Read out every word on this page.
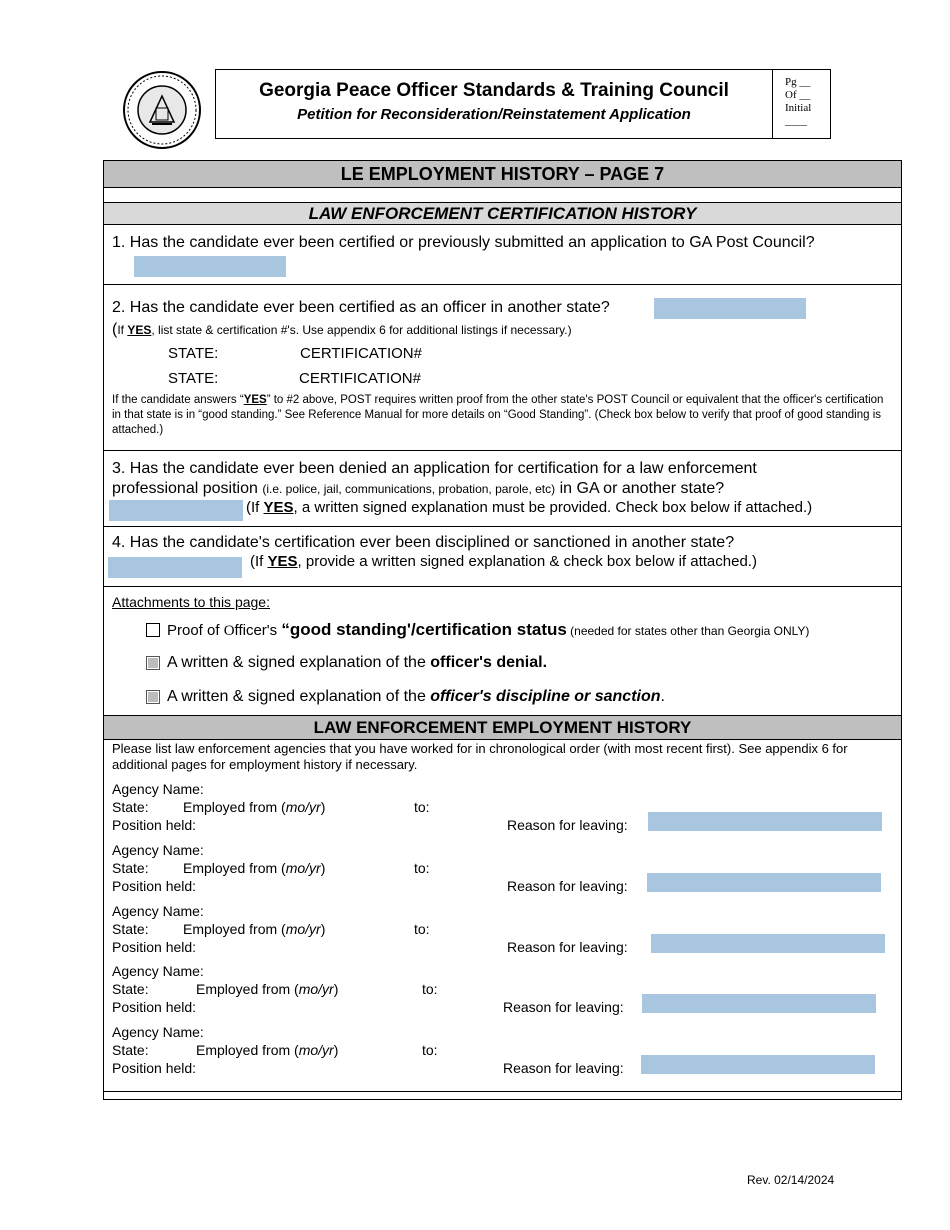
Georgia Peace Officer Standards & Training Council
Petition for Reconsideration/Reinstatement Application
Pg __
Of __
Initial
____
LE EMPLOYMENT HISTORY – PAGE 7
LAW ENFORCEMENT CERTIFICATION HISTORY
1. Has the candidate ever been certified or previously submitted an application to GA Post Council?
2. Has the candidate ever been certified as an officer in another state?
(If YES, list state & certification #'s. Use appendix 6 for additional listings if necessary.)
STATE:	CERTIFICATION#
STATE:	CERTIFICATION#
If the candidate answers “YES” to #2 above, POST requires written proof from the other state's POST Council or equivalent that the officer's certification in that state is in “good standing.” See Reference Manual for more details on “Good Standing”. (Check box below to verify that proof of good standing is attached.)
3. Has the candidate ever been denied an application for certification for a law enforcement
professional position (i.e. police, jail, communications, probation, parole, etc) in GA or another state?
(If YES, a written signed explanation must be provided. Check box below if attached.)
4. Has the candidate's certification ever been disciplined or sanctioned in another state?
(If YES, provide a written signed explanation & check box below if attached.)
Attachments to this page:
Proof of Officer's “good standing'/certification status (needed for states other than Georgia ONLY)
A written & signed explanation of the officer's denial.
A written & signed explanation of the officer's discipline or sanction.
LAW ENFORCEMENT EMPLOYMENT HISTORY
Please list law enforcement agencies that you have worked for in chronological order (with most recent first). See appendix 6 for additional pages for employment history if necessary.
Agency Name:
State: Employed from (mo/yr)	to:
Position held:	Reason for leaving:
Agency Name:
State: Employed from (mo/yr)	to:
Position held:	Reason for leaving:
Agency Name:
State: Employed from (mo/yr)	to:
Position held:	Reason for leaving:
Agency Name:
State:	Employed from (mo/yr)	to:
Position held:	Reason for leaving:
Agency Name:
State:	Employed from (mo/yr)	to:
Position held:	Reason for leaving:
Rev. 02/14/2024
